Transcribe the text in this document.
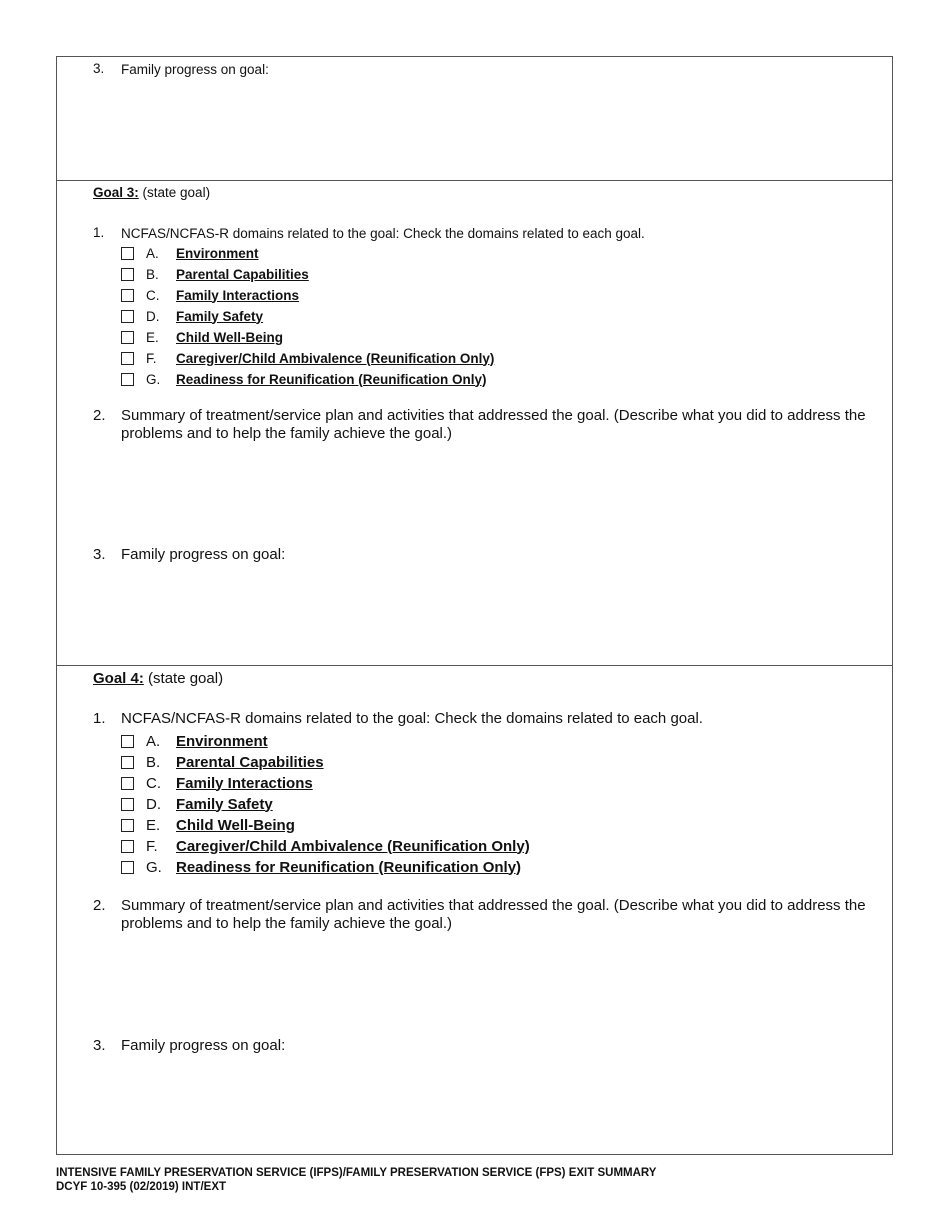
3.	Family progress on goal:
Goal 3: (state goal)
1.	NCFAS/NCFAS-R domains related to the goal: Check the domains related to each goal.
A.	Environment
B.	Parental Capabilities
C.	Family Interactions
D.	Family Safety
E.	Child Well-Being
F.	Caregiver/Child Ambivalence (Reunification Only)
G.	Readiness for Reunification (Reunification Only)
2.	Summary of treatment/service plan and activities that addressed the goal. (Describe what you did to address the problems and to help the family achieve the goal.)
3.	Family progress on goal:
Goal 4: (state goal)
1.	NCFAS/NCFAS-R domains related to the goal: Check the domains related to each goal.
A.	Environment
B.	Parental Capabilities
C.	Family Interactions
D.	Family Safety
E.	Child Well-Being
F.	Caregiver/Child Ambivalence (Reunification Only)
G. Readiness for Reunification (Reunification Only)
2.	Summary of treatment/service plan and activities that addressed the goal. (Describe what you did to address the problems and to help the family achieve the goal.)
3.	Family progress on goal:
INTENSIVE FAMILY PRESERVATION SERVICE (IFPS)/FAMILY PRESERVATION SERVICE (FPS) EXIT SUMMARY
DCYF 10-395 (02/2019) INT/EXT
